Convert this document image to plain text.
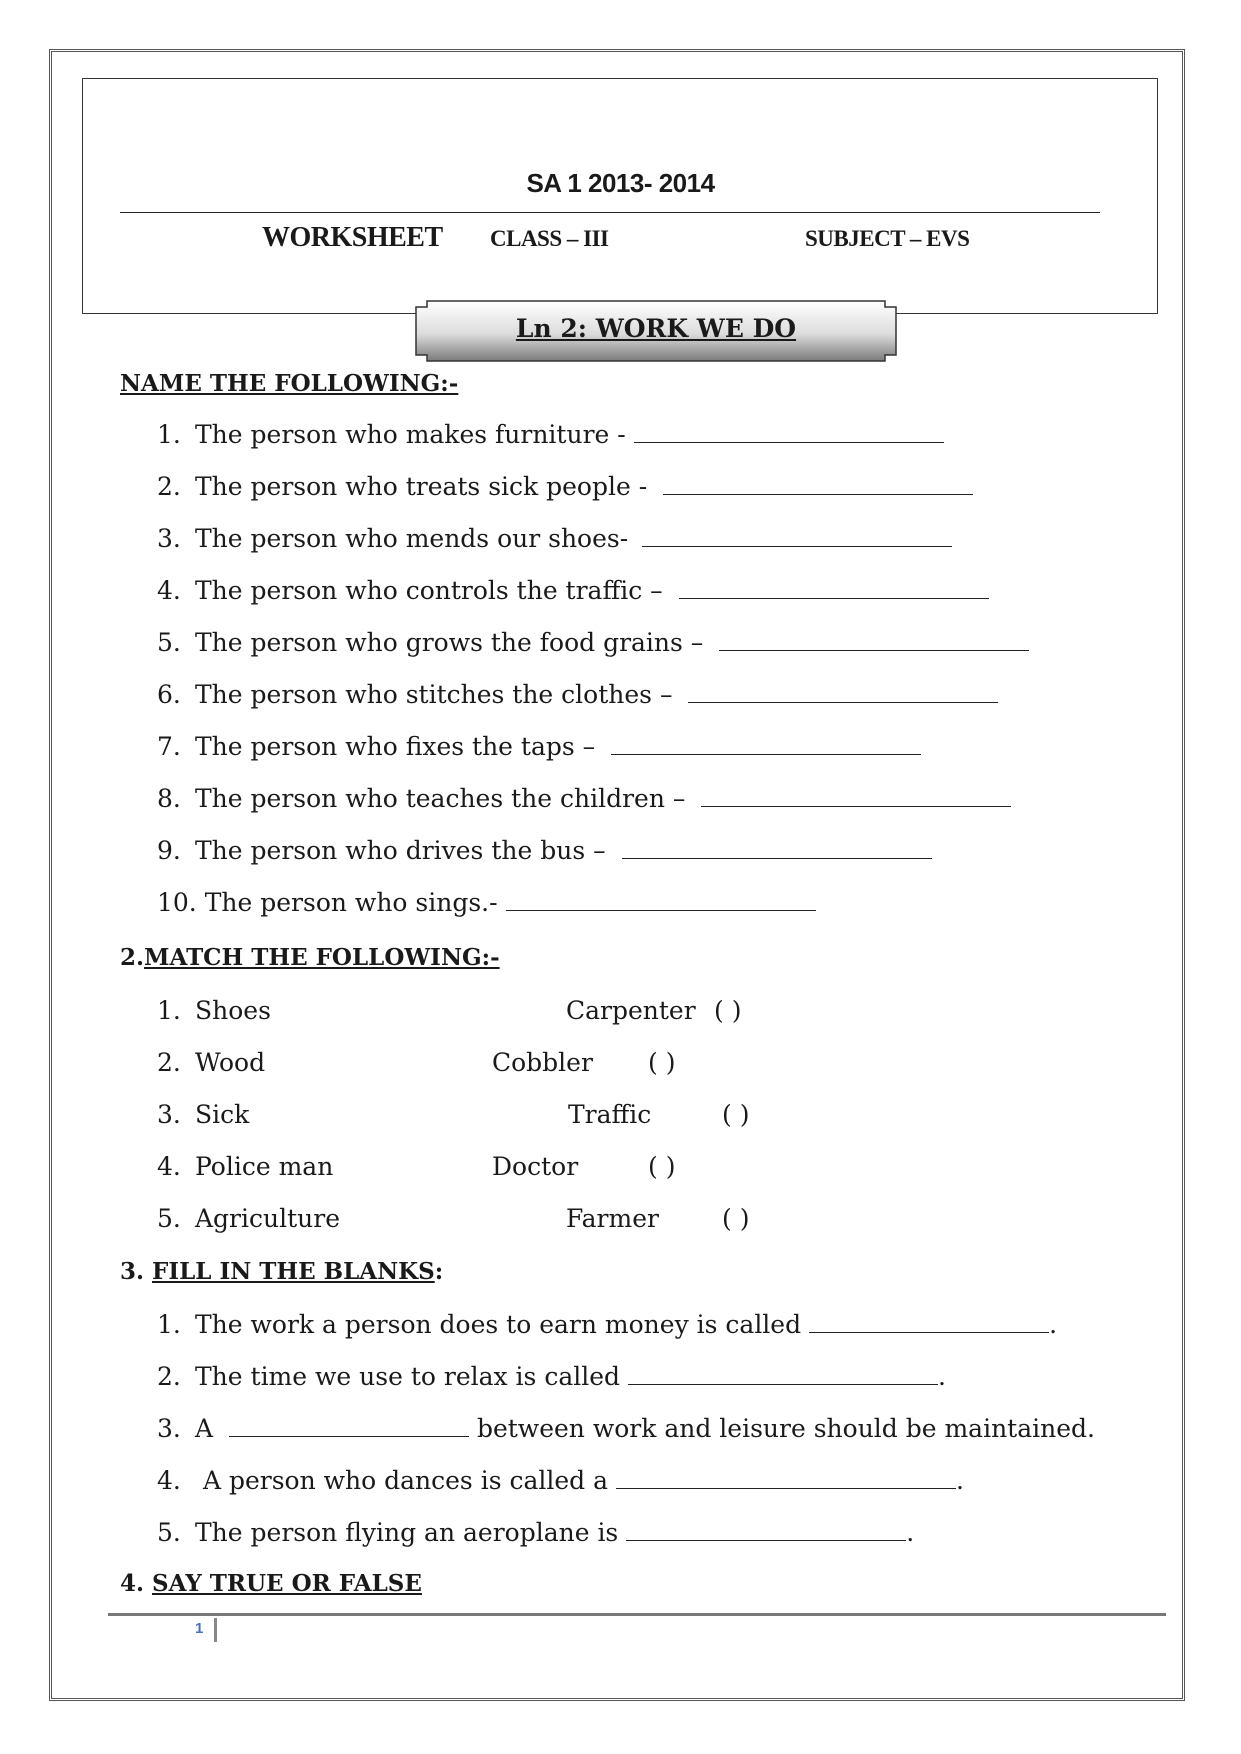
SA 1 2013- 2014
WORKSHEET CLASS – III	SUBJECT – EVS
Ln 2: WORK WE DO
NAME THE FOLLOWING:-
1. The person who makes furniture -
2. The person who treats sick people -
3. The person who mends our shoes-
4. The person who controls the traffic –
5. The person who grows the food grains –
6. The person who stitches the clothes –
7. The person who fixes the taps –
8. The person who teaches the children –
9. The person who drives the bus –
10. The person who sings.-
2.MATCH THE FOLLOWING:-
1. Shoes	Carpenter ( )
2. Wood	Cobbler ( )
3. Sick	Traffic	( )
4. Police man	Doctor	( )
5. Agriculture	Farmer	( )
3. FILL IN THE BLANKS:
1. The work a person does to earn money is called	.
2. The time we use to relax is called	.
3. A	between work and leisure should be maintained.
4. A person who dances is called a	.
5. The person flying an aeroplane is	.
4. SAY TRUE OR FALSE
1
